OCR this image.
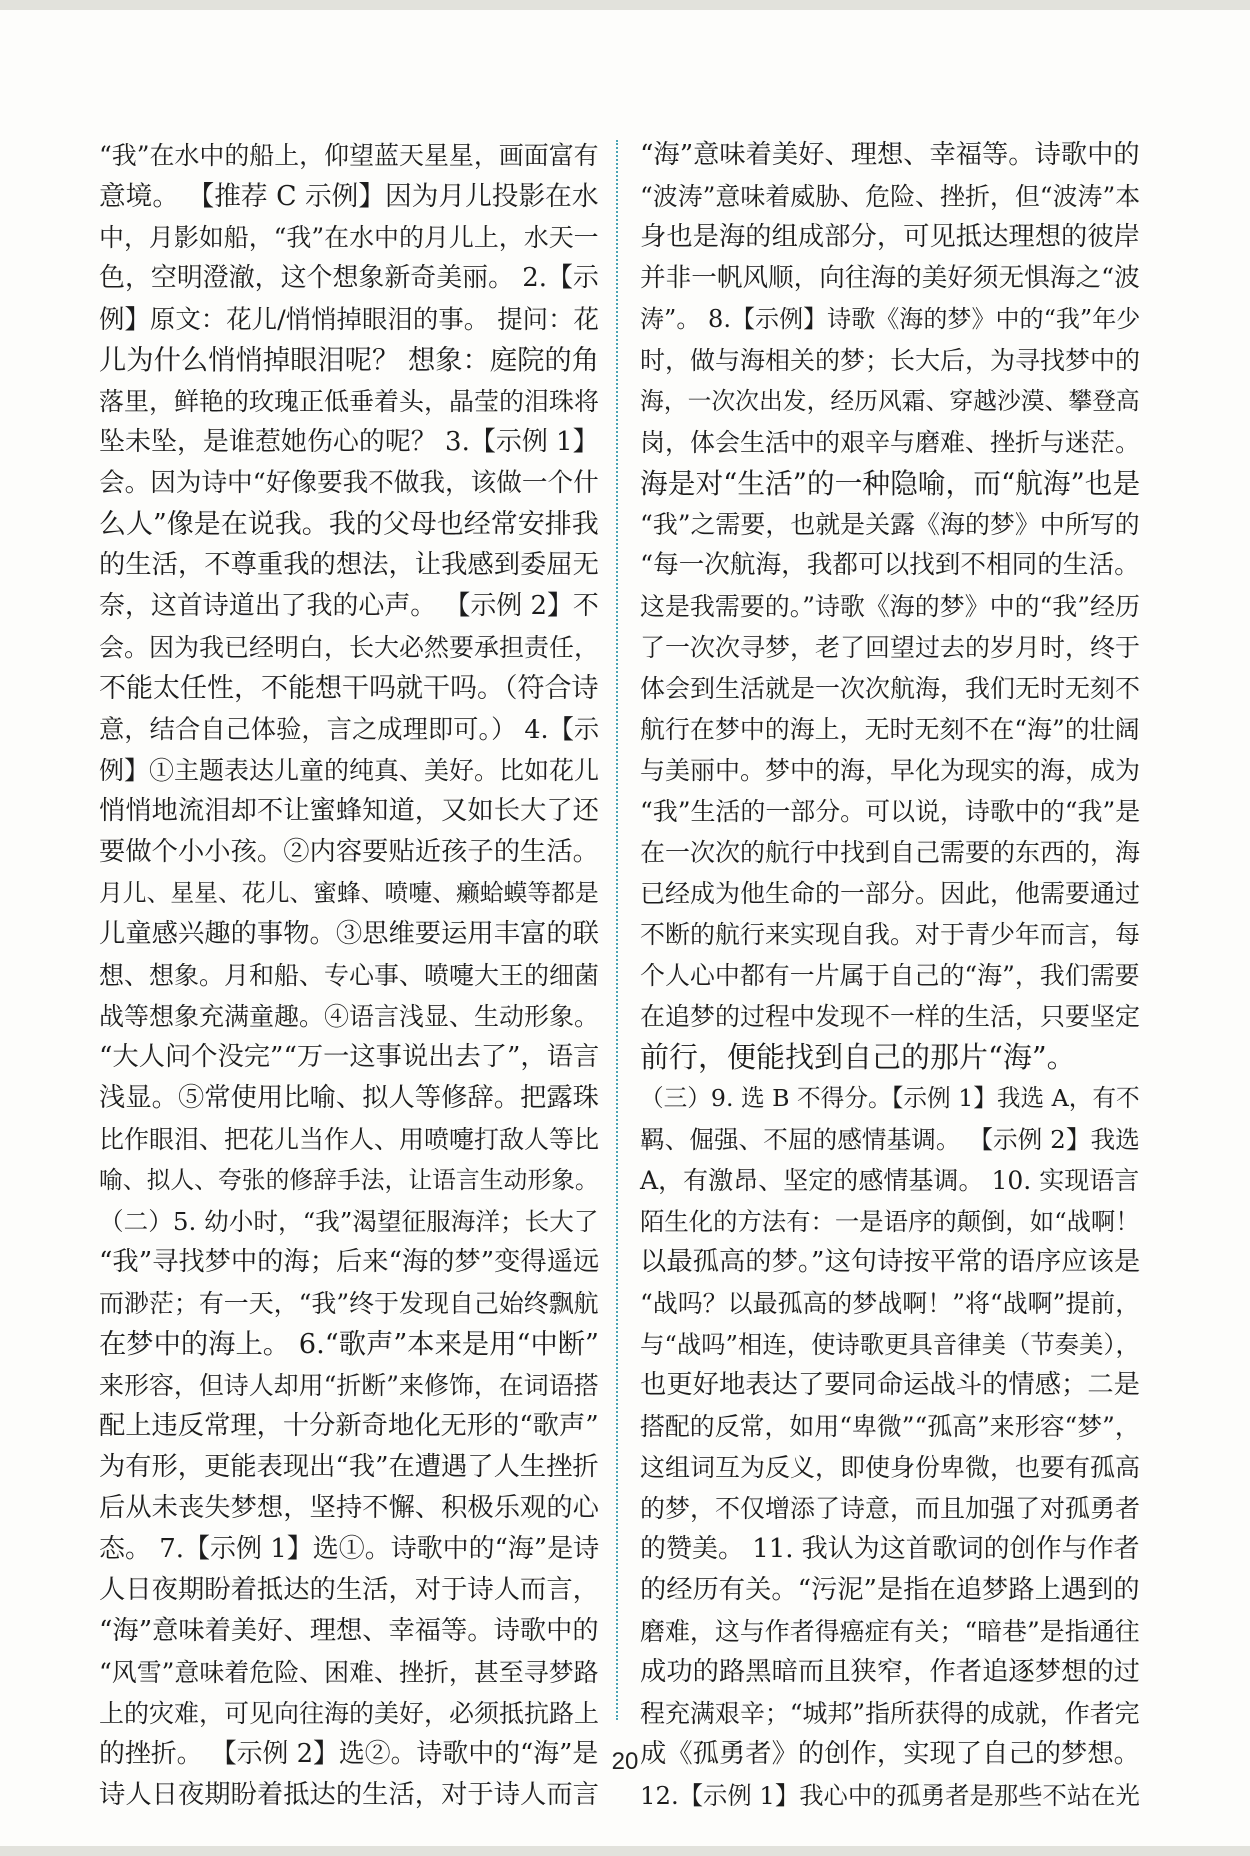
“我”在水中的船上，仰望蓝天星星，画面富有
意境。 【推荐 C 示例】因为月儿投影在水
中，月影如船，“我”在水中的月儿上，水天一
色，空明澄澈，这个想象新奇美丽。 2.【示
例】原文：花儿/悄悄掉眼泪的事。 提问：花
儿为什么悄悄掉眼泪呢？ 想象：庭院的角
落里，鲜艳的玫瑰正低垂着头，晶莹的泪珠将
坠未坠，是谁惹她伤心的呢？ 3.【示例 1】
会。因为诗中“好像要我不做我，该做一个什
么人”像是在说我。我的父母也经常安排我
的生活，不尊重我的想法，让我感到委屈无
奈，这首诗道出了我的心声。 【示例 2】不
会。因为我已经明白，长大必然要承担责任，
不能太任性，不能想干吗就干吗。（符合诗
意，结合自己体验，言之成理即可。） 4.【示
例】①主题表达儿童的纯真、美好。比如花儿
悄悄地流泪却不让蜜蜂知道，又如长大了还
要做个小小孩。②内容要贴近孩子的生活。
月儿、星星、花儿、蜜蜂、喷嚏、癞蛤蟆等都是
儿童感兴趣的事物。③思维要运用丰富的联
想、想象。月和船、专心事、喷嚏大王的细菌
战等想象充满童趣。④语言浅显、生动形象。
“大人问个没完”“万一这事说出去了”，语言
浅显。⑤常使用比喻、拟人等修辞。把露珠
比作眼泪、把花儿当作人、用喷嚏打敌人等比
喻、拟人、夸张的修辞手法，让语言生动形象。
（二）5. 幼小时，“我”渴望征服海洋；长大了
“我”寻找梦中的海；后来“海的梦”变得遥远
而渺茫；有一天，“我”终于发现自己始终飘航
在梦中的海上。 6.“歌声”本来是用“中断”
来形容，但诗人却用“折断”来修饰，在词语搭
配上违反常理，十分新奇地化无形的“歌声”
为有形，更能表现出“我”在遭遇了人生挫折
后从未丧失梦想，坚持不懈、积极乐观的心
态。 7.【示例 1】选①。诗歌中的“海”是诗
人日夜期盼着抵达的生活，对于诗人而言，
“海”意味着美好、理想、幸福等。诗歌中的
“风雪”意味着危险、困难、挫折，甚至寻梦路
上的灾难，可见向往海的美好，必须抵抗路上
的挫折。 【示例 2】选②。诗歌中的“海”是
诗人日夜期盼着抵达的生活，对于诗人而言
“海”意味着美好、理想、幸福等。诗歌中的
“波涛”意味着威胁、危险、挫折，但“波涛”本
身也是海的组成部分，可见抵达理想的彼岸
并非一帆风顺，向往海的美好须无惧海之“波
涛”。 8.【示例】诗歌《海的梦》中的“我”年少
时，做与海相关的梦；长大后，为寻找梦中的
海，一次次出发，经历风霜、穿越沙漠、攀登高
岗，体会生活中的艰辛与磨难、挫折与迷茫。
海是对“生活”的一种隐喻，而“航海”也是
“我”之需要，也就是关露《海的梦》中所写的
“每一次航海，我都可以找到不相同的生活。
这是我需要的。”诗歌《海的梦》中的“我”经历
了一次次寻梦，老了回望过去的岁月时，终于
体会到生活就是一次次航海，我们无时无刻不
航行在梦中的海上，无时无刻不在“海”的壮阔
与美丽中。梦中的海，早化为现实的海，成为
“我”生活的一部分。可以说，诗歌中的“我”是
在一次次的航行中找到自己需要的东西的，海
已经成为他生命的一部分。因此，他需要通过
不断的航行来实现自我。对于青少年而言，每
个人心中都有一片属于自己的“海”，我们需要
在追梦的过程中发现不一样的生活，只要坚定
前行，便能找到自己的那片“海”。
（三）9. 选 B 不得分。【示例 1】我选 A，有不
羁、倔强、不屈的感情基调。 【示例 2】我选
A，有激昂、坚定的感情基调。 10. 实现语言
陌生化的方法有：一是语序的颠倒，如“战啊！
以最孤高的梦。”这句诗按平常的语序应该是
“战吗？以最孤高的梦战啊！”将“战啊”提前，
与“战吗”相连，使诗歌更具音律美（节奏美），
也更好地表达了要同命运战斗的情感；二是
搭配的反常，如用“卑微”“孤高”来形容“梦”，
这组词互为反义，即使身份卑微，也要有孤高
的梦，不仅增添了诗意，而且加强了对孤勇者
的赞美。 11. 我认为这首歌词的创作与作者
的经历有关。“污泥”是指在追梦路上遇到的
磨难，这与作者得癌症有关；“暗巷”是指通往
成功的路黑暗而且狭窄，作者追逐梦想的过
程充满艰辛；“城邦”指所获得的成就，作者完
成《孤勇者》的创作，实现了自己的梦想。
12.【示例 1】我心中的孤勇者是那些不站在光
20
